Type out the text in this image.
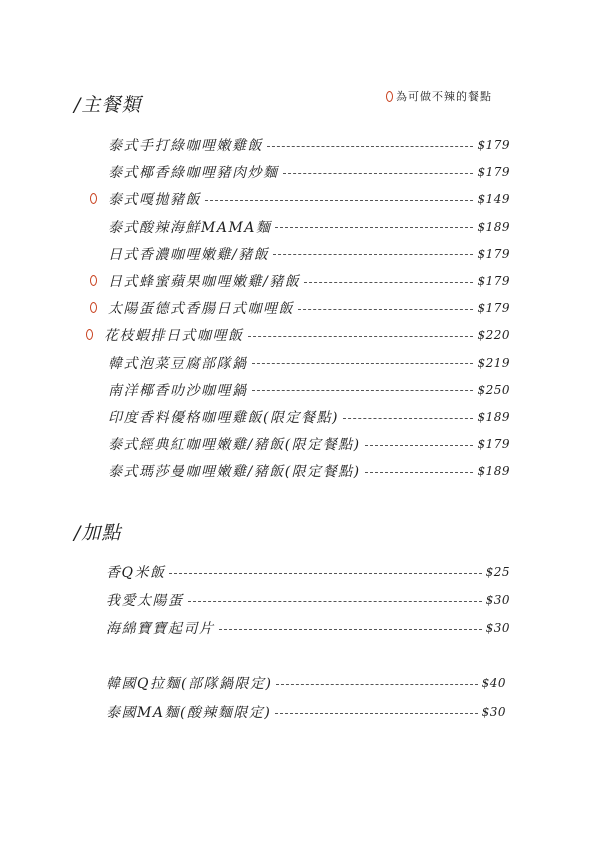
/主餐類	為可做不辣的餐點
泰式手打綠咖哩嫩雞飯	$179
泰式椰香綠咖哩豬肉炒麵	$179
泰式嘎拋豬飯	$149
泰式酸辣海鮮MAMA麵	$189
日式香濃咖哩嫩雞/豬飯	$179
日式蜂蜜蘋果咖哩嫩雞/豬飯	$179
太陽蛋德式香腸日式咖哩飯	$179
花枝蝦排日式咖哩飯	$220
韓式泡菜豆腐部隊鍋	$219
南洋椰香叻沙咖哩鍋	$250
印度香料優格咖哩雞飯(限定餐點)	$189
泰式經典紅咖哩嫩雞/豬飯(限定餐點)	$179
泰式瑪莎曼咖哩嫩雞/豬飯(限定餐點)	$189
/加點
香Q米飯	$25
我愛太陽蛋	$30
海綿寶寶起司片	$30
韓國Q拉麵(部隊鍋限定)	$40
泰國MA麵(酸辣麵限定)	$30
